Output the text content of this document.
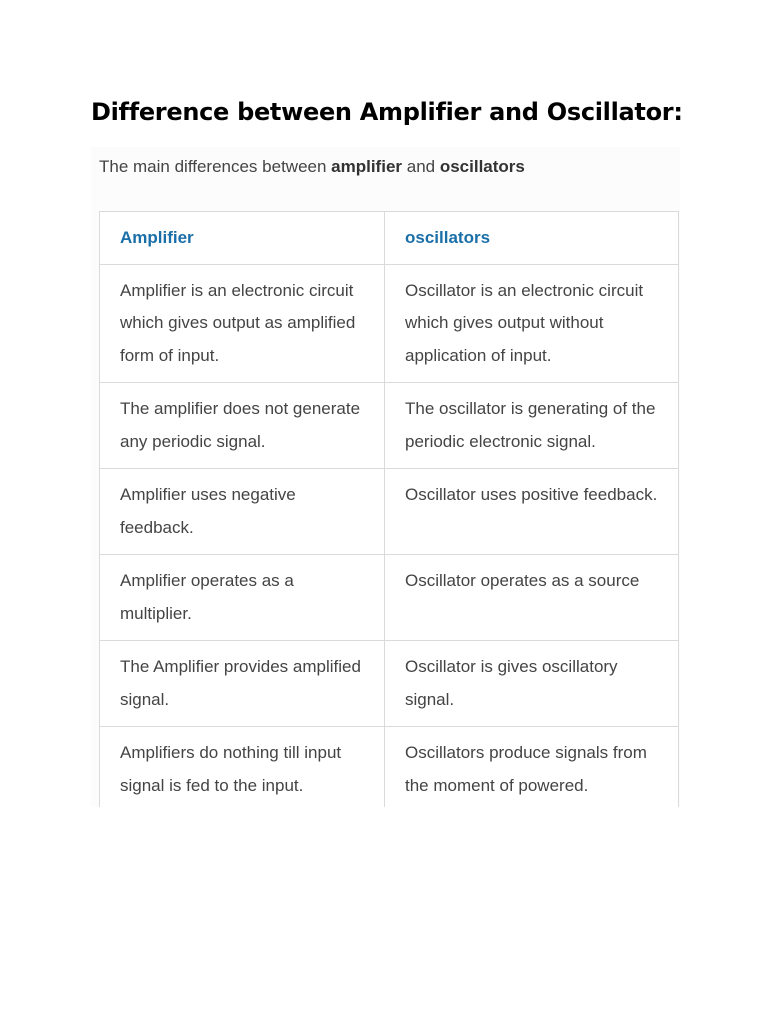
Difference between Amplifier and Oscillator:

The main differences between amplifier and oscillators

Amplifier	oscillators
Amplifier is an electronic circuit which gives output as amplified form of input.	Oscillator is an electronic circuit which gives output without application of input.
The amplifier does not generate any periodic signal.	The oscillator is generating of the periodic electronic signal.
Amplifier uses negative feedback.	Oscillator uses positive feedback.
Amplifier operates as a multiplier.	Oscillator operates as a source
The Amplifier provides amplified signal.	Oscillator is gives oscillatory signal.
Amplifiers do nothing till input signal is fed to the input.	Oscillators produce signals from the moment of powered.
